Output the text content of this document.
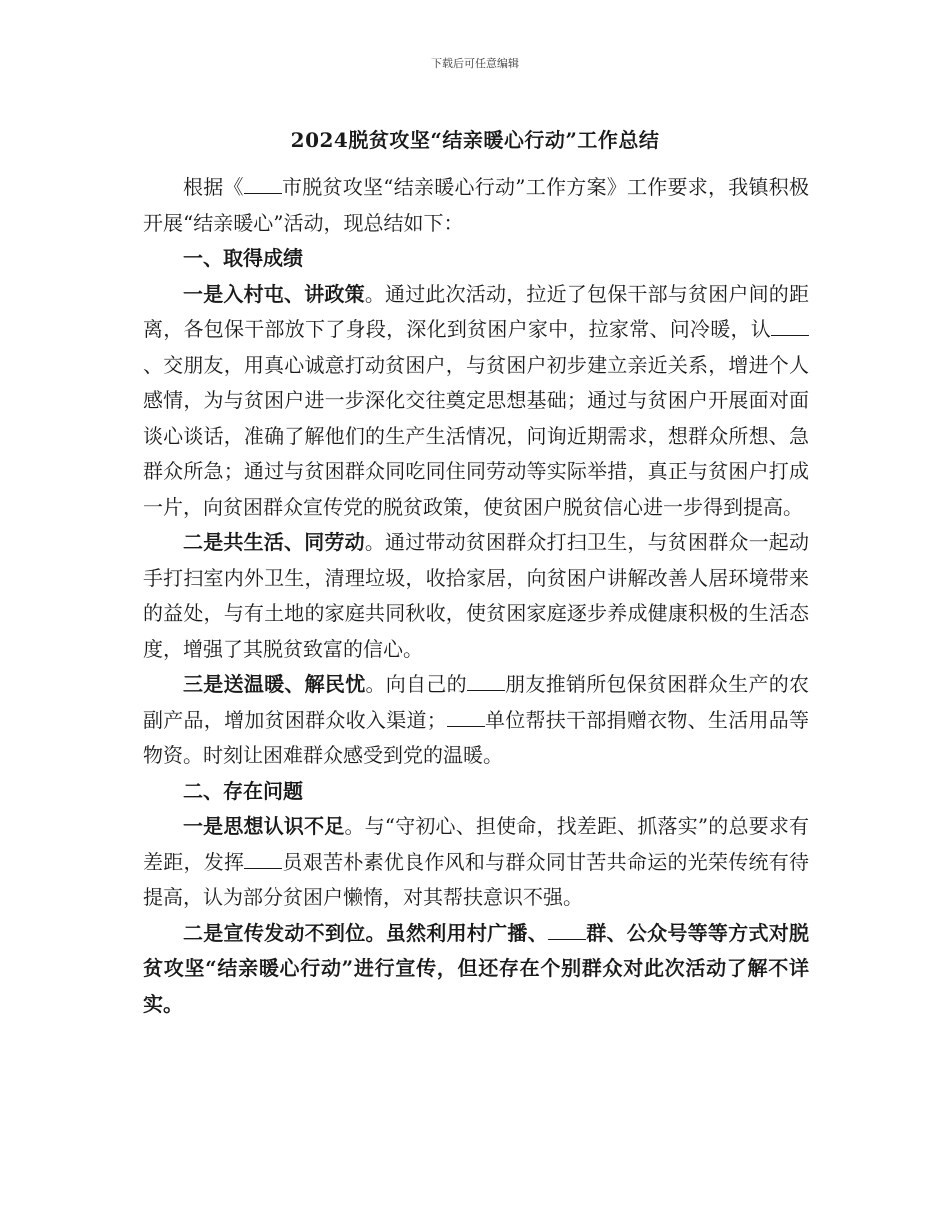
下载后可任意编辑
2024脱贫攻坚“结亲暖心行动”工作总结

根据《 市脱贫攻坚“结亲暖心行动”工作方案》工作要求，我镇积极开展“结亲暖心”活动，现总结如下：

一、取得成绩

一是入村屯、讲政策。通过此次活动，拉近了包保干部与贫困户间的距离，各包保干部放下了身段，深化到贫困户家中，拉家常、问冷暖，认、交朋友，用真心诚意打动贫困户，与贫困户初步建立亲近关系，增进个人感情，为与贫困户进一步深化交往奠定思想基础；通过与贫困户开展面对面谈心谈话，准确了解他们的生产生活情况，问询近期需求，想群众所想、急群众所急；通过与贫困群众同吃同住同劳动等实际举措，真正与贫困户打成一片，向贫困群众宣传党的脱贫政策，使贫困户脱贫信心进一步得到提高。

二是共生活、同劳动。通过带动贫困群众打扫卫生，与贫困群众一起动手打扫室内外卫生，清理垃圾，收拾家居，向贫困户讲解改善人居环境带来的益处，与有土地的家庭共同秋收，使贫困家庭逐步养成健康积极的生活态度，增强了其脱贫致富的信心。

三是送温暖、解民忧。向自己的 朋友推销所包保贫困群众生产的农副产品，增加贫困群众收入渠道； 单位帮扶干部捐赠衣物、生活用品等物资。时刻让困难群众感受到党的温暖。

二、存在问题

一是思想认识不足。与“守初心、担使命，找差距、抓落实”的总要求有差距，发挥 员艰苦朴素优良作风和与群众同甘苦共命运的光荣传统有待提高，认为部分贫困户懒惰，对其帮扶意识不强。

二是宣传发动不到位。虽然利用村广播、 群、公众号等等方式对脱贫攻坚“结亲暖心行动”进行宣传，但还存在个别群众对此次活动了解不详实。
